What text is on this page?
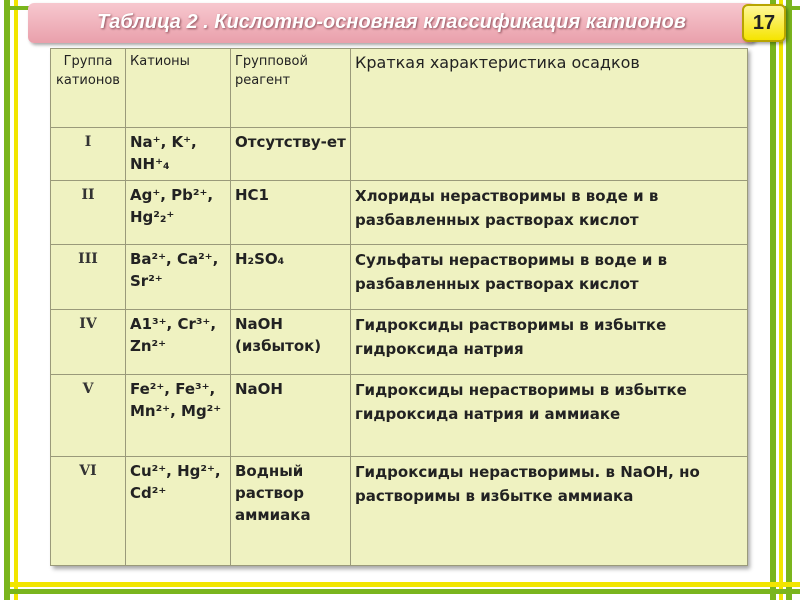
Таблица 2 . Кислотно-основная классификация катионов	17
Группа катионов	Катионы	Групповой реагент	Краткая характеристика осадков
I	Na⁺, K⁺, NH⁺₄	Отсутству-ет	
II	Ag⁺, Pb²⁺, Hg²₂⁺	HC1	Хлориды нерастворимы в воде и в разбавленных растворах кислот
III	Ba²⁺, Ca²⁺, Sr²⁺	H₂SO₄	Сульфаты нерастворимы в воде и в разбавленных растворах кислот
IV	A1³⁺, Cr³⁺, Zn²⁺	NaOH (избыток)	Гидроксиды растворимы в избытке гидроксида натрия
V	Fe²⁺, Fe³⁺, Mn²⁺, Mg²⁺	NaOH	Гидроксиды нерастворимы в избытке гидроксида натрия и аммиаке
VI	Cu²⁺, Hg²⁺, Cd²⁺	Водный раствор аммиака	Гидроксиды нерастворимы. в NaOH, но растворимы в избытке аммиака
